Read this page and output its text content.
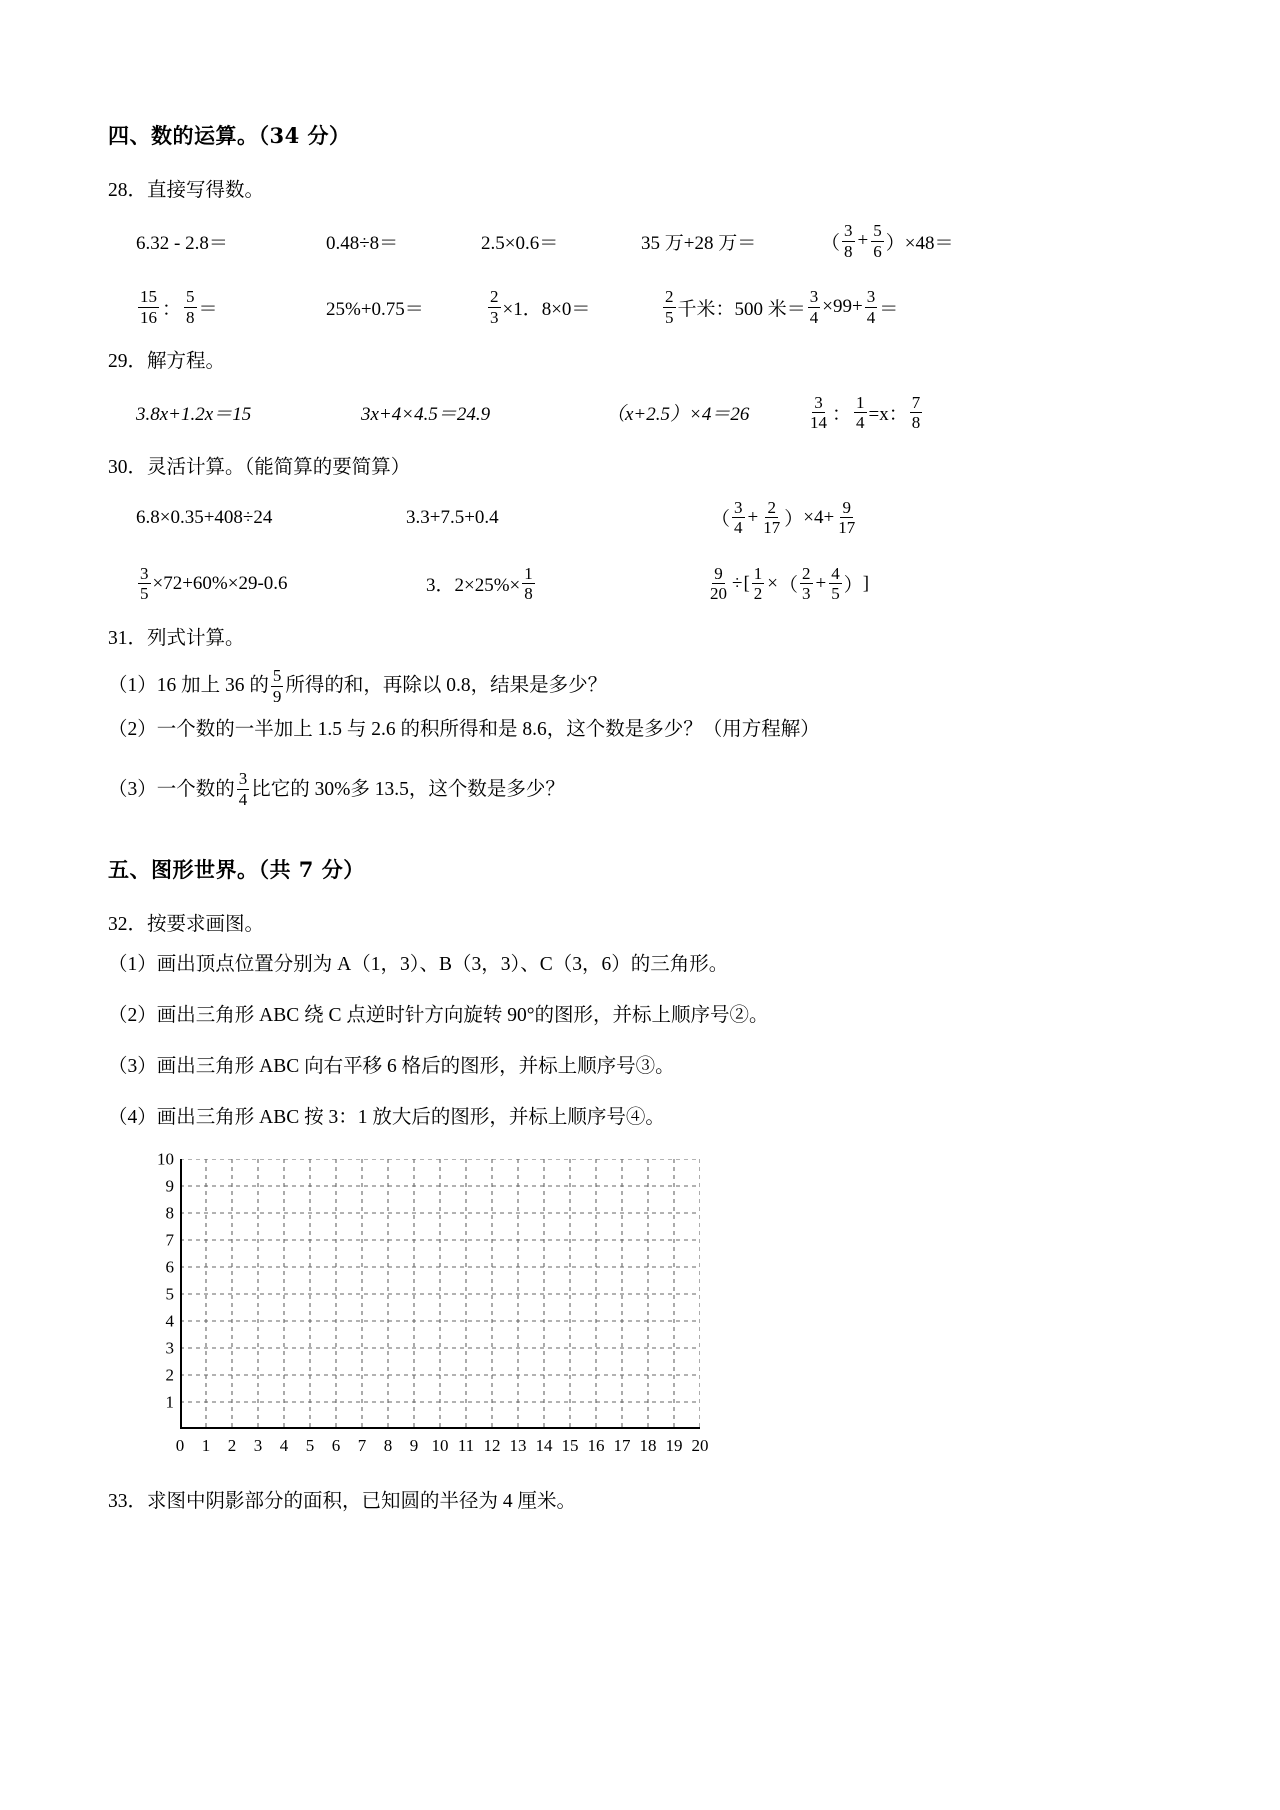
四、数的运算。（34 分）
28．直接写得数。
6.32 - 2.8＝	0.48÷8＝	2.5×0.6＝	35 万+28 万＝	（ $\frac{3}{8} + \frac{5}{6}$ ） ×48＝
$\frac{15}{16}$ ： $\frac{5}{8}$ ＝	25%+0.75＝	$\frac{2}{3} \times 1$．8×0＝	$\frac{2}{5}$ 千米：500 米＝ $\frac{3}{4} \times 99+ \frac{3}{4}$ ＝
29．解方程。
3.8x+1.2x＝15	3x+4×4.5＝24.9	（x+2.5）×4＝26	$\frac{3}{14}$ ： $\frac{1}{4} =x$： $\frac{7}{8}$
30．灵活计算。（能简算的要简算）
6.8×0.35+408÷24	3.3+7.5+0.4	（ $\frac{3}{4} + \frac{2}{17}$ ） $\times 4+ \frac{9}{17}$
$\frac{3}{5} \times 72+60\%\times 29-0.6$	3．$2\times 25\%\times \frac{1}{8}$	$\frac{9}{20}$ ÷ [ $\frac{1}{2}$ × （ $\frac{2}{3} + \frac{4}{5}$ ） ]
31．列式计算。
（1）16 加上 36 的 $\frac{5}{9}$ 所得的和，再除以 0.8，结果是多少？
（2）一个数的一半加上 1.5 与 2.6 的积所得和是 8.6，这个数是多少？（用方程解）
（3）一个数的 $\frac{3}{4}$ 比它的 30%多 13.5，这个数是多少？
五、图形世界。（共 7 分）
32．按要求画图。
（1）画出顶点位置分别为 A（1，3）、B（3，3）、C（3，6）的三角形。
（2）画出三角形 ABC 绕 C 点逆时针方向旋转 90°的图形，并标上顺序号②。
（3）画出三角形 ABC 向右平移 6 格后的图形，并标上顺序号③。
（4）画出三角形 ABC 按 3：1 放大后的图形，并标上顺序号④。
1
2
3
4
5
6
7
8
9
10
0 1 2 3 4 5 6 7 8 9 10 11 12 13 14 15 16 17 18 19 20
33．求图中阴影部分的面积，已知圆的半径为 4 厘米。
